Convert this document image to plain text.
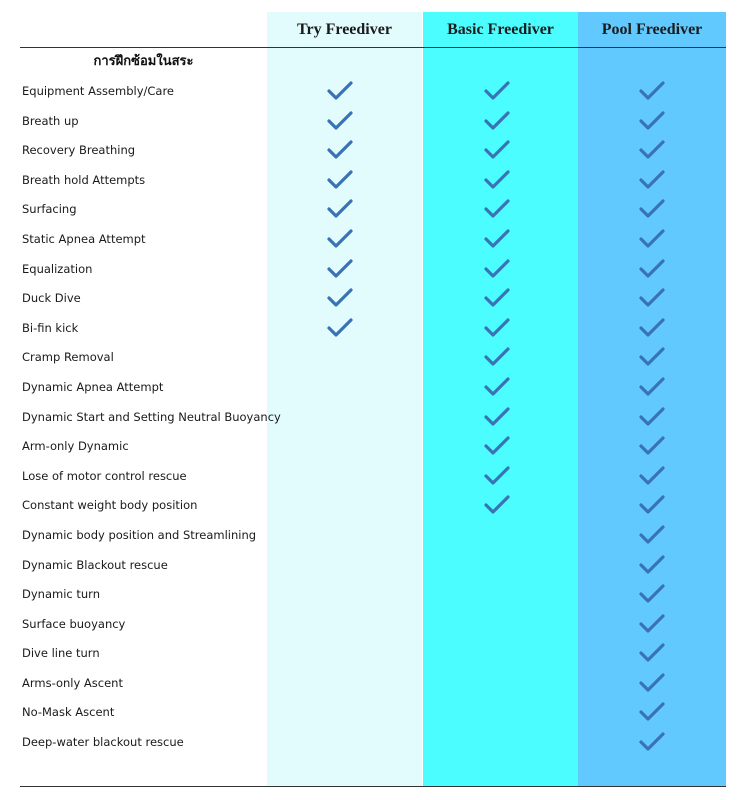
Try Freediver	Basic Freediver	Pool Freediver
การฝึกซ้อมในสระ
Equipment Assembly/Care
Breath up
Recovery Breathing
Breath hold Attempts
Surfacing
Static Apnea Attempt
Equalization
Duck Dive
Bi-fin kick
Cramp Removal
Dynamic Apnea Attempt
Dynamic Start and Setting Neutral Buoyancy
Arm-only Dynamic
Lose of motor control rescue
Constant weight body position
Dynamic body position and Streamlining
Dynamic Blackout rescue
Dynamic turn
Surface buoyancy
Dive line turn
Arms-only Ascent
No-Mask Ascent
Deep-water blackout rescue
